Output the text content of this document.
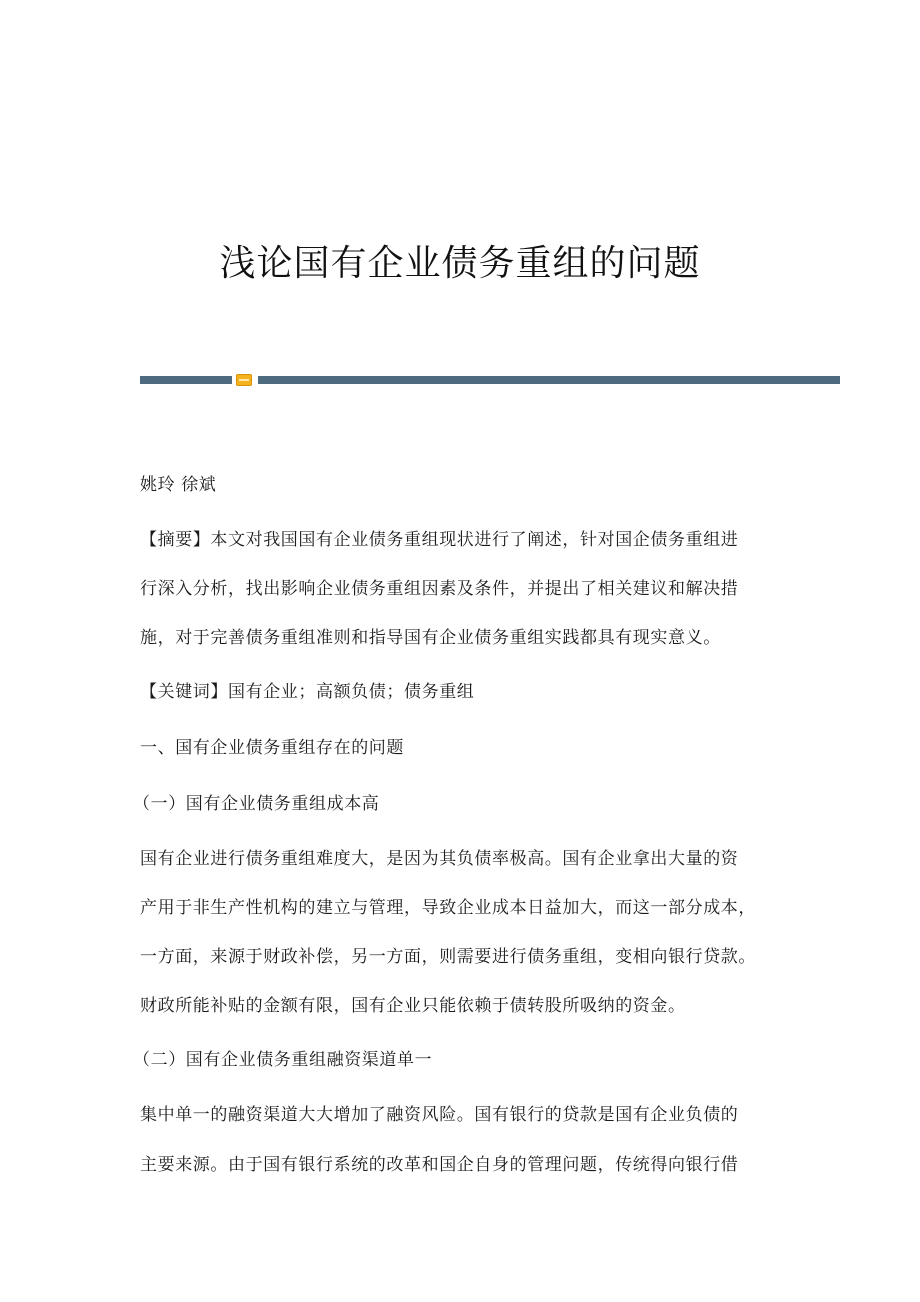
浅论国有企业债务重组的问题
姚玲 徐斌
【摘要】本文对我国国有企业债务重组现状进行了阐述，针对国企债务重组进
行深入分析，找出影响企业债务重组因素及条件，并提出了相关建议和解决措
施，对于完善债务重组准则和指导国有企业债务重组实践都具有现实意义。
【关键词】国有企业；高额负债；债务重组
一、国有企业债务重组存在的问题
（一）国有企业债务重组成本高
国有企业进行债务重组难度大，是因为其负债率极高。国有企业拿出大量的资
产用于非生产性机构的建立与管理，导致企业成本日益加大，而这一部分成本，
一方面，来源于财政补偿，另一方面，则需要进行债务重组，变相向银行贷款。
财政所能补贴的金额有限，国有企业只能依赖于债转股所吸纳的资金。
（二）国有企业债务重组融资渠道单一
集中单一的融资渠道大大增加了融资风险。国有银行的贷款是国有企业负债的
主要来源。由于国有银行系统的改革和国企自身的管理问题，传统得向银行借
